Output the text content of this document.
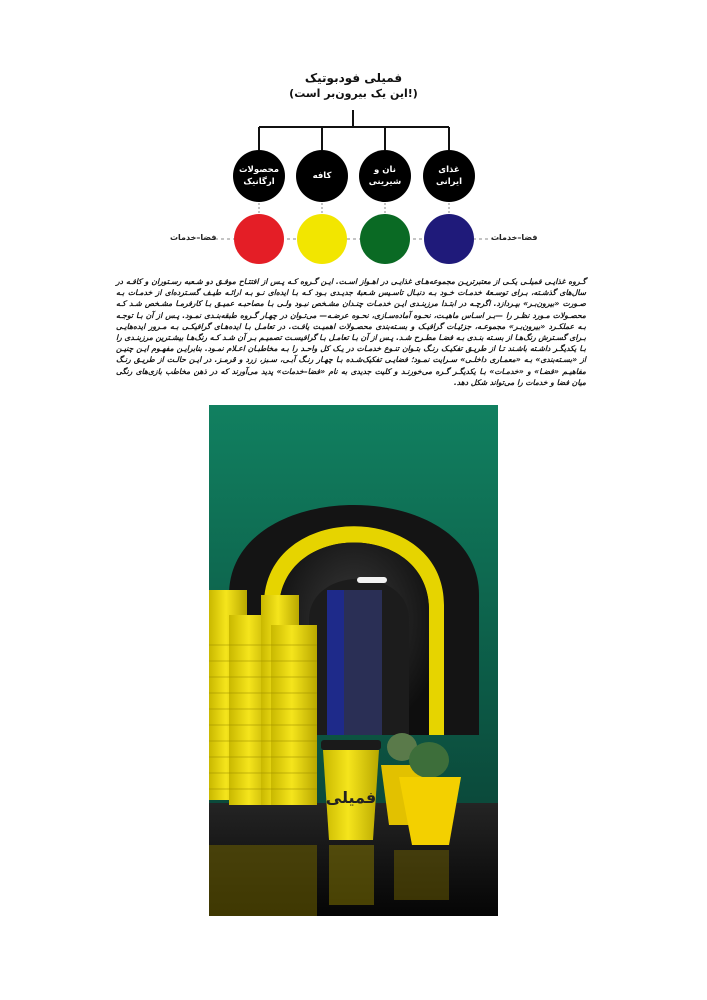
فمیلی فودبوتیک
(این یک بیرون‌بر است!)
محصولات
ارگانیک
کافه
نان و
شیرینی
غذای
ایرانی
فضا–خدمات	فضا–خدمات
گـروه غذایـی فمیلـی یکـی از معتبرتریـن مجموعه‌هـای غذایـی در اهـواز اسـت. ایـن گـروه کـه پـس از افتتـاح موفـق دو شـعبه رسـتوران و کافـه در سال‌های گذشـته، بـرای توسـعهٔ خدمـات خـود بـه دنبـال تاسـیس شـعبهٔ جدیـدی بـود کـه بـا ایده‌ای نـو بـه ارائـه طیـف گسـترده‌ای از خدمـات بـه صـورت «بیرون‌بـر» بپـردازد. اگرچـه در ابتـدا مرزبنـدی ایـن خدمـات چنـدان مشـخص نبـود ولـی بـا مصاحبـه عمیـق بـا کارفرمـا مشـخص شـد کـه محصـولات مـورد نظـر را —بـر اسـاس ماهیـت، نحـوه آماده‌سـازی، نحـوه عرضـه— می‌تـوان در چهـار گـروه طبقه‌بنـدی نمـود. پـس از آن بـا توجـه بـه عملکـرد «بیرون‌بـر» مجموعـه، جزئیـات گرافیـک و بسـته‌بندی محصـولات اهمیـت یافـت. در تعامـل بـا ایده‌هـای گرافیکـی بـه مـرور ایده‌هایـی بـرای گسـترش رنگ‌هـا از بسـته بنـدی بـه فضـا مطـرح شـد. پـس از آن بـا تعامـل بـا گرافیسـت تصمیـم بـر آن شـد کـه رنگ‌هـا بیشـترین مرزبنـدی را بـا یکدیگـر داشـته باشـند تـا از طریـق تفکیـک رنـگ بتـوان تنـوع خدمـات در یـک کل واحـد را بـه مخاطبـان اعـلام نمـود. بنابرایـن مفهـوم ایـن چنیـن از «بسـته‌بندی» بـه «معمـاری داخلـی» سـرایت نمـود؛ فضایـی تفکیک‌شـده بـا چهـار رنـگ آبـی، سـبز، زرد و قرمـز. در ایـن حالـت از طریـق رنـگ مفاهیـم «فضـا» و «خدمـات» بـا یکدیگـر گـره می‌خورنـد و کلیت جدیدی به نام «فضا–خدمات» پدید می‌آورند که در ذهن مخاطب بازی‌های رنگی میان فضا و خدمات را می‌تواند شکل دهد.
فمیلی
